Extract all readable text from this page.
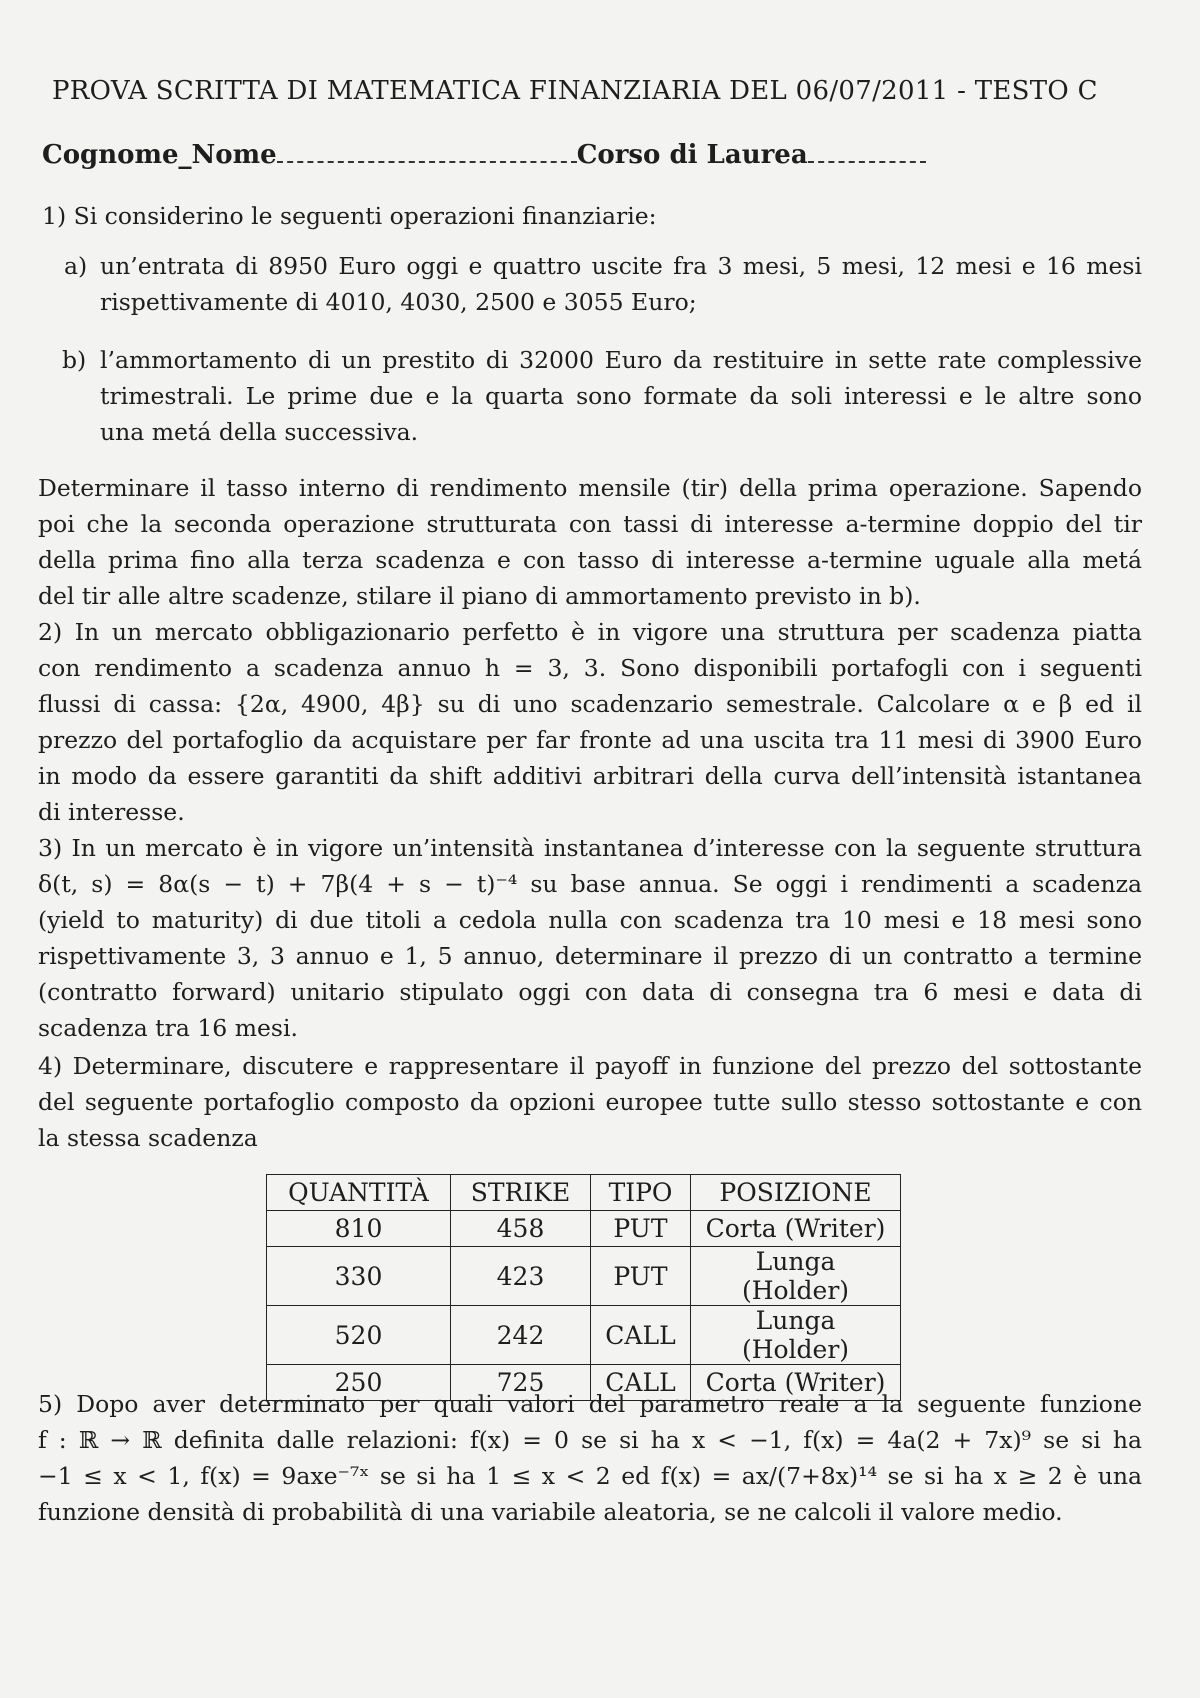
PROVA SCRITTA DI MATEMATICA FINANZIARIA DEL 06/07/2011 - TESTO C
Cognome_Nome	Corso di Laurea
1) Si considerino le seguenti operazioni finanziarie:
a) un’entrata di 8950 Euro oggi e quattro uscite fra 3 mesi, 5 mesi, 12 mesi e 16 mesi
rispettivamente di 4010, 4030, 2500 e 3055 Euro;
b) l’ammortamento di un prestito di 32000 Euro da restituire in sette rate complessive
trimestrali. Le prime due e la quarta sono formate da soli interessi e le altre sono
una metá della successiva.
Determinare il tasso interno di rendimento mensile (tir) della prima operazione. Sapendo
poi che la seconda operazione strutturata con tassi di interesse a-termine doppio del tir
della prima fino alla terza scadenza e con tasso di interesse a-termine uguale alla metá
del tir alle altre scadenze, stilare il piano di ammortamento previsto in b).
2) In un mercato obbligazionario perfetto è in vigore una struttura per scadenza piatta
con rendimento a scadenza annuo h = 3, 3. Sono disponibili portafogli con i seguenti
flussi di cassa: {2α, 4900, 4β} su di uno scadenzario semestrale. Calcolare α e β ed il
prezzo del portafoglio da acquistare per far fronte ad una uscita tra 11 mesi di 3900 Euro
in modo da essere garantiti da shift additivi arbitrari della curva dell’intensità istantanea
di interesse.
3) In un mercato è in vigore un’intensità instantanea d’interesse con la seguente struttura
δ(t, s) = 8α(s − t) + 7β(4 + s − t)⁻⁴ su base annua. Se oggi i rendimenti a scadenza
(yield to maturity) di due titoli a cedola nulla con scadenza tra 10 mesi e 18 mesi sono
rispettivamente 3, 3 annuo e 1, 5 annuo, determinare il prezzo di un contratto a termine
(contratto forward) unitario stipulato oggi con data di consegna tra 6 mesi e data di
scadenza tra 16 mesi.
4) Determinare, discutere e rappresentare il payoff in funzione del prezzo del sottostante
del seguente portafoglio composto da opzioni europee tutte sullo stesso sottostante e con
la stessa scadenza
QUANTITÀ	STRIKE	TIPO	POSIZIONE
810	458	PUT	Corta (Writer)
330	423	PUT	Lunga (Holder)
520	242	CALL	Lunga (Holder)
250	725	CALL	Corta (Writer)
5) Dopo aver determinato per quali valori del parametro reale a la seguente funzione
f : ℝ → ℝ definita dalle relazioni: f(x) = 0 se si ha x < −1, f(x) = 4a(2 + 7x)⁹ se si ha
−1 ≤ x < 1, f(x) = 9axe⁻⁷ˣ se si ha 1 ≤ x < 2 ed f(x) = ax/(7+8x)¹⁴ se si ha x ≥ 2 è una
funzione densità di probabilità di una variabile aleatoria, se ne calcoli il valore medio.
